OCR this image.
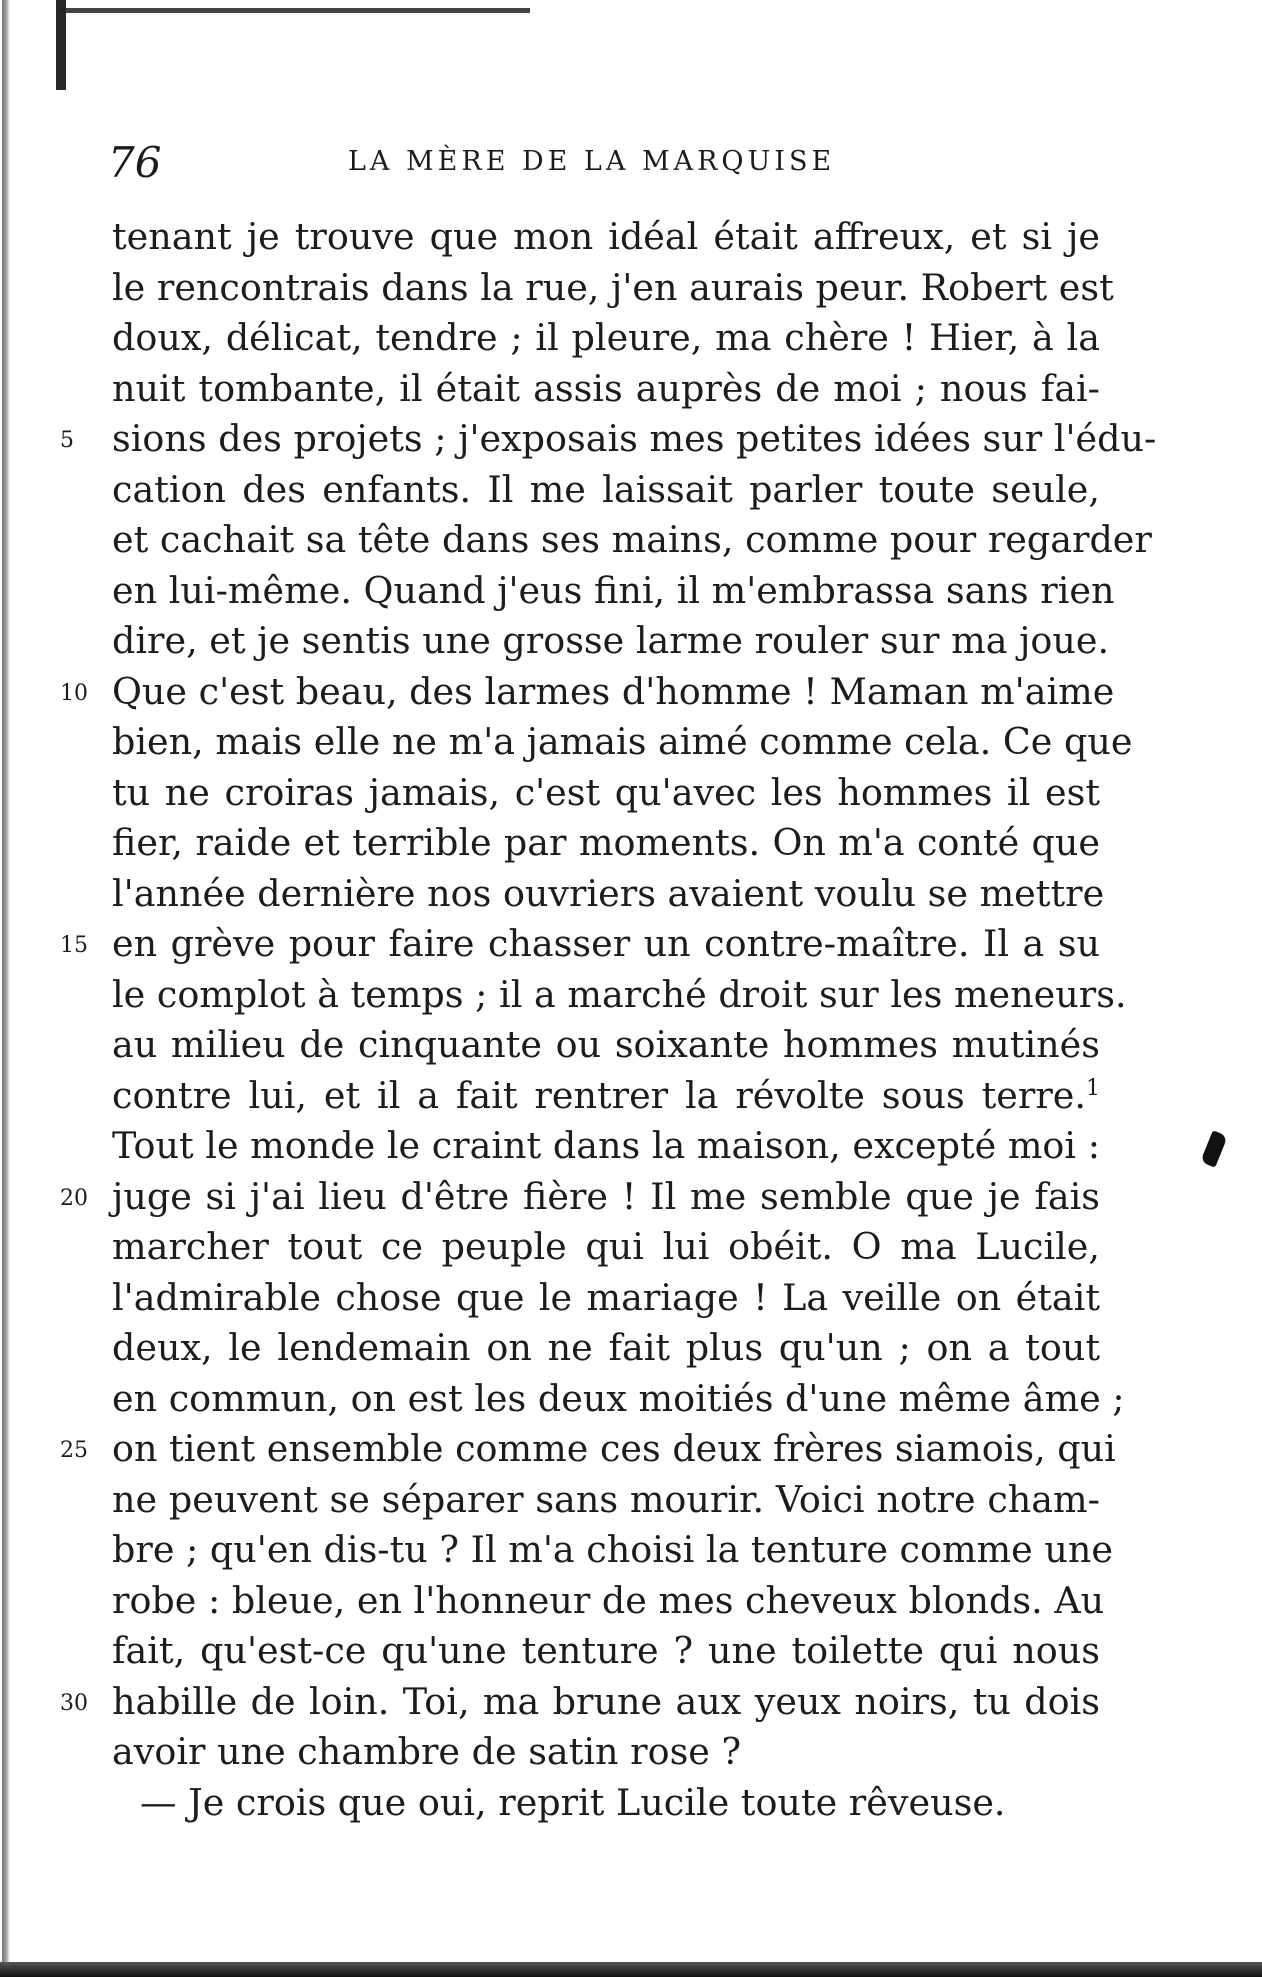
76	LA MÈRE DE LA MARQUISE
tenant je trouve que mon idéal était affreux, et si je
le rencontrais dans la rue, j'en aurais peur. Robert est
doux, délicat, tendre ; il pleure, ma chère ! Hier, à la
nuit tombante, il était assis auprès de moi ; nous fai-
5	sions des projets ; j'exposais mes petites idées sur l'édu-
cation des enfants. Il me laissait parler toute seule,
et cachait sa tête dans ses mains, comme pour regarder
en lui-même. Quand j'eus fini, il m'embrassa sans rien
dire, et je sentis une grosse larme rouler sur ma joue.
10 Que c'est beau, des larmes d'homme ! Maman m'aime
bien, mais elle ne m'a jamais aimé comme cela. Ce que
tu ne croiras jamais, c'est qu'avec les hommes il est
fier, raide et terrible par moments. On m'a conté que
l'année dernière nos ouvriers avaient voulu se mettre
15 en grève pour faire chasser un contre-maître. Il a su
le complot à temps ; il a marché droit sur les meneurs.
au milieu de cinquante ou soixante hommes mutinés
contre lui, et il a fait rentrer la révolte sous terre.$^1$
Tout le monde le craint dans la maison, excepté moi :
20 juge si j'ai lieu d'être fière ! Il me semble que je fais
marcher tout ce peuple qui lui obéit. O ma Lucile,
l'admirable chose que le mariage ! La veille on était
deux, le lendemain on ne fait plus qu'un ; on a tout
en commun, on est les deux moitiés d'une même âme ;
25 on tient ensemble comme ces deux frères siamois, qui
ne peuvent se séparer sans mourir. Voici notre cham-
bre ; qu'en dis-tu ? Il m'a choisi la tenture comme une
robe : bleue, en l'honneur de mes cheveux blonds. Au
fait, qu'est-ce qu'une tenture ? une toilette qui nous
30 habille de loin. Toi, ma brune aux yeux noirs, tu dois
avoir une chambre de satin rose ?
— Je crois que oui, reprit Lucile toute rêveuse.
